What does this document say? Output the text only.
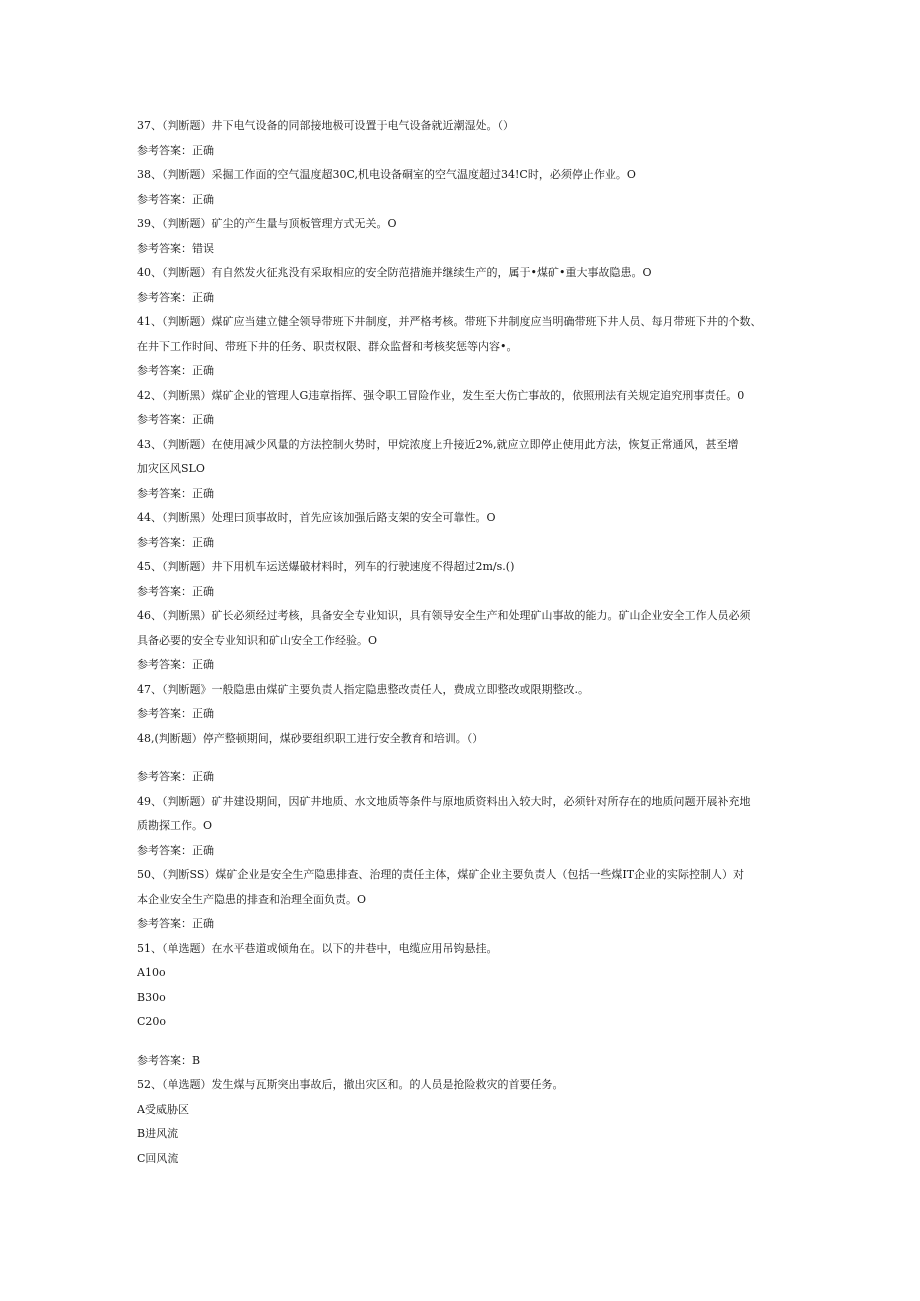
37、（判断题）井下电气设备的同部接地极可设置于电气设备就近潮湿处。（）
参考答案：正确
38、（判断题）采掘工作面的空气温度超30C,机电设备硐室的空气温度超过34!C时，必须停止作业。O
参考答案：正确
39、（判断题）矿尘的产生量与顶板管理方式无关。O
参考答案：错误
40、（判断题）有自然发火征兆没有采取相应的安全防范措施并继续生产的，属于•煤矿•重大事故隐患。O
参考答案：正确
41、（判断题）煤矿应当建立健全领导带班下井制度，并严格考核。带班下井制度应当明确带班下井人员、每月带班下井的个数、
在井下工作时间、带班下井的任务、职责权限、群众监督和考核奖惩等内容•。
参考答案：正确
42、（判断黑）煤矿企业的管理人G违章指挥、强令职工冒险作业，发生至大伤亡事故的，依照刑法有关规定追究刑事责任。0
参考答案：正确
43、（判断题）在使用减少风量的方法控制火势时，甲烷浓度上升接近2%,就应立即停止使用此方法，恢复正常通风，甚至增
加灾区风SLO
参考答案：正确
44、（判断黑）处理曰顶事故时，首先应该加强后路支架的安全可靠性。O
参考答案：正确
45、（判断题）井下用机车运送爆破材料时，列车的行驶速度不得超过2m/s.()
参考答案：正确
46、（判断黑）矿长必须经过考核，具备安全专业知识，具有领导安全生产和处理矿山事故的能力。矿山企业安全工作人员必须
具备必要的安全专业知识和矿山安全工作经验。O
参考答案：正确
47、（判断题》一般隐患由煤矿主要负责人指定隐患整改责任人，费成立即整改或限期整改.。
参考答案：正确
48,(判断题）停产整顿期间，煤砂要组织职工进行安全教育和培训。（）
参考答案：正确
49、（判断题）矿井建设期间，因矿井地质、水文地质等条件与原地质资料出入较大时，必须针对所存在的地质问题开展补充地
质勘探工作。O
参考答案：正确
50、（判断SS）煤矿企业是安全生产隐患排查、治理的责任主体，煤矿企业主要负责人（包括一些煤IT企业的实际控制人）对
本企业安全生产隐患的排查和治理全面负责。O
参考答案：正确
51、（单选题）在水平巷道或倾角在。以下的井巷中，电缆应用吊钩悬挂。
A10o
B30o
C20o
参考答案：B
52、（单选题）发生煤与瓦斯突出事故后，撤出灾区和。的人员是抢险救灾的首要任务。
A受威胁区
B进风流
C回风流
